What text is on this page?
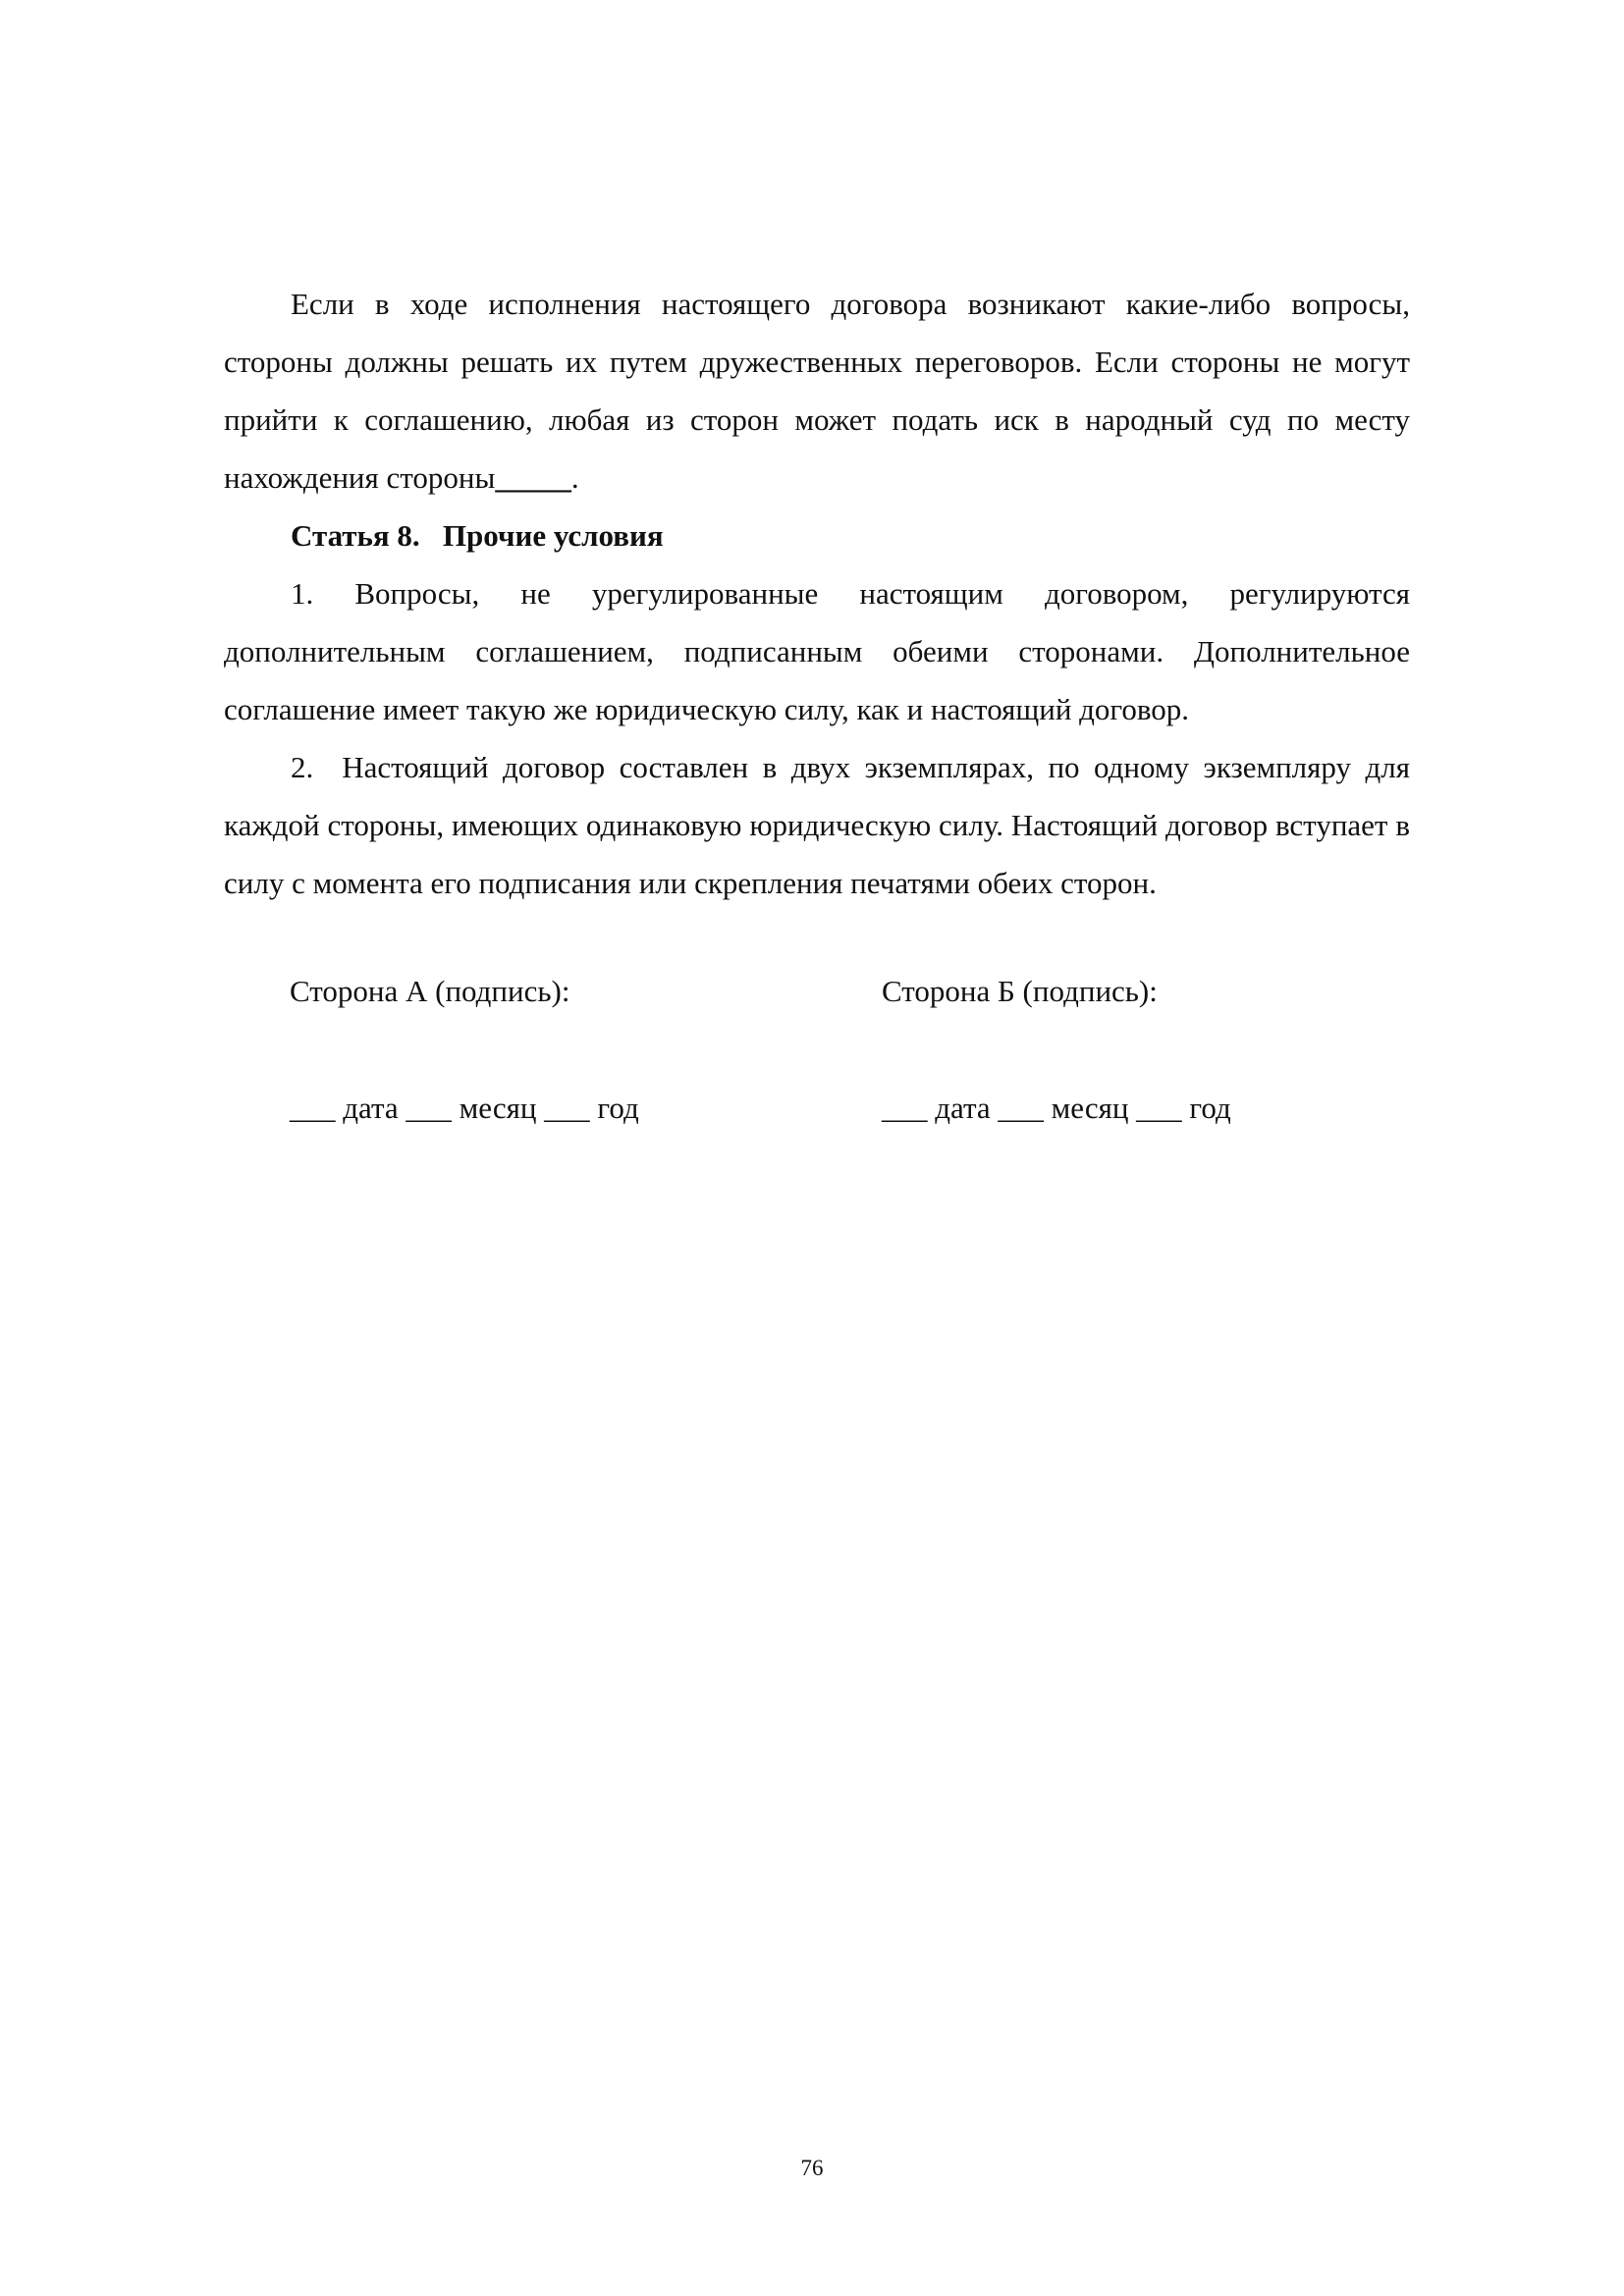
Если в ходе исполнения настоящего договора возникают какие-либо вопросы, стороны должны решать их путем дружественных переговоров. Если стороны не могут прийти к соглашению, любая из сторон может подать иск в народный суд по месту нахождения стороны_____.

Статья 8.   Прочие условия

1. Вопросы, не урегулированные настоящим договором, регулируются дополнительным соглашением, подписанным обеими сторонами. Дополнительное соглашение имеет такую же юридическую силу, как и настоящий договор.

2.  Настоящий договор составлен в двух экземплярах, по одному экземпляру для каждой стороны, имеющих одинаковую юридическую силу. Настоящий договор вступает в силу с момента его подписания или скрепления печатями обеих сторон.

Сторона А (подпись):	Сторона Б (подпись):
___ дата ___ месяц ___ год	___ дата ___ месяц ___ год
76
